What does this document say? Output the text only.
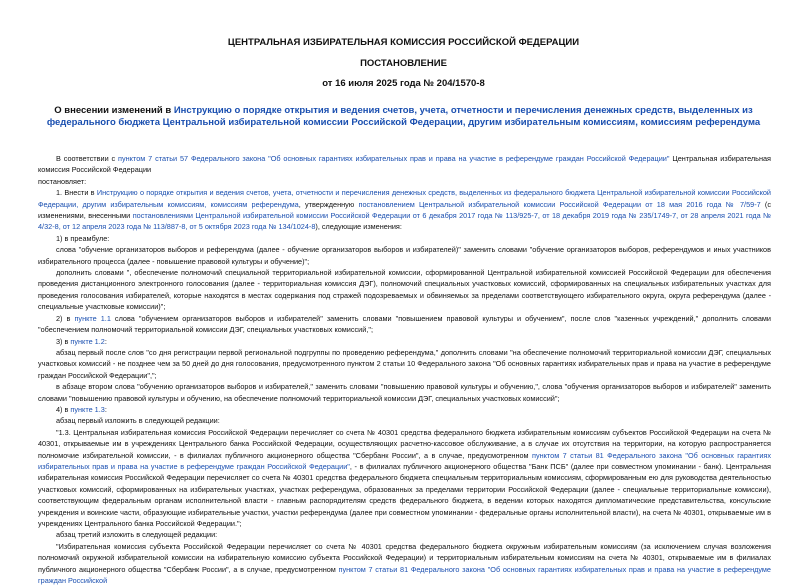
ЦЕНТРАЛЬНАЯ ИЗБИРАТЕЛЬНАЯ КОМИССИЯ РОССИЙСКОЙ ФЕДЕРАЦИИ
ПОСТАНОВЛЕНИЕ
от 16 июля 2025 года № 204/1570-8
О внесении изменений в Инструкцию о порядке открытия и ведения счетов, учета, отчетности и перечисления денежных средств, выделенных из федерального бюджета Центральной избирательной комиссии Российской Федерации, другим избирательным комиссиям, комиссиям референдума

В соответствии с пунктом 7 статьи 57 Федерального закона "Об основных гарантиях избирательных прав и права на участие в референдуме граждан Российской Федерации" Центральная избирательная комиссия Российской Федерации

постановляет:

1. Внести в Инструкцию о порядке открытия и ведения счетов, учета, отчетности и перечисления денежных средств, выделенных из федерального бюджета Центральной избирательной комиссии Российской Федерации, другим избирательным комиссиям, комиссиям референдума, утвержденную постановлением Центральной избирательной комиссии Российской Федерации от 18 мая 2016 года № 7/59-7 (с изменениями, внесенными постановлениями Центральной избирательной комиссии Российской Федерации от 6 декабря 2017 года № 113/925-7, от 18 декабря 2019 года № 235/1749-7, от 28 апреля 2021 года № 4/32-8, от 12 апреля 2023 года № 113/887-8, от 5 октября 2023 года № 134/1024-8), следующие изменения:

1) в преамбуле:

слова "обучение организаторов выборов и референдума (далее - обучение организаторов выборов и избирателей)" заменить словами "обучение организаторов выборов, референдумов и иных участников избирательного процесса (далее - повышение правовой культуры и обучение)";

дополнить словами ", обеспечение полномочий специальной территориальной избирательной комиссии, сформированной Центральной избирательной комиссией Российской Федерации для обеспечения проведения дистанционного электронного голосования (далее - территориальная комиссия ДЭГ), полномочий специальных участковых комиссий, сформированных на специальных избирательных участках для проведения голосования избирателей, которые находятся в местах содержания под стражей подозреваемых и обвиняемых за пределами соответствующего избирательного округа, округа референдума (далее - специальные участковые комиссии)";

2) в пункте 1.1 слова "обучением организаторов выборов и избирателей" заменить словами "повышением правовой культуры и обучением", после слов "казенных учреждений," дополнить словами "обеспечением полномочий территориальной комиссии ДЭГ, специальных участковых комиссий,";

3) в пункте 1.2:

абзац первый после слов "со дня регистрации первой региональной подгруппы по проведению референдума," дополнить словами "на обеспечение полномочий территориальной комиссии ДЭГ, специальных участковых комиссий - не позднее чем за 50 дней до дня голосования, предусмотренного пунктом 2 статьи 10 Федерального закона "Об основных гарантиях избирательных прав и права на участие в референдуме граждан Российской Федерации",";

в абзаце втором слова "обучению организаторов выборов и избирателей," заменить словами "повышению правовой культуры и обучению,", слова "обучения организаторов выборов и избирателей" заменить словами "повышению правовой культуры и обучению, на обеспечение полномочий территориальной комиссии ДЭГ, специальных участковых комиссий";

4) в пункте 1.3:

абзац первый изложить в следующей редакции:

"1.3. Центральная избирательная комиссия Российской Федерации перечисляет со счета № 40301 средства федерального бюджета избирательным комиссиям субъектов Российской Федерации на счета № 40301, открываемые им в учреждениях Центрального банка Российской Федерации, осуществляющих расчетно-кассовое обслуживание, а в случае их отсутствия на территории, на которую распространяется полномочие избирательной комиссии, - в филиалах публичного акционерного общества "Сбербанк России", а в случае, предусмотренном пунктом 7 статьи 81 Федерального закона "Об основных гарантиях избирательных прав и права на участие в референдуме граждан Российской Федерации", - в филиалах публичного акционерного общества "Банк ПСБ" (далее при совместном упоминании - банк). Центральная избирательная комиссия Российской Федерации перечисляет со счета № 40301 средства федерального бюджета специальным территориальным комиссиям, сформированным ею для руководства деятельностью участковых комиссий, сформированных на избирательных участках, участках референдума, образованных за пределами территории Российской Федерации (далее - специальные территориальные комиссии), соответствующим федеральным органам исполнительной власти - главным распорядителям средств федерального бюджета, в ведении которых находятся дипломатические представительства, консульские учреждения и воинские части, образующие избирательные участки, участки референдума (далее при совместном упоминании - федеральные органы исполнительной власти), на счета № 40301, открываемые им в учреждениях Центрального банка Российской Федерации.";

абзац третий изложить в следующей редакции:

"Избирательная комиссия субъекта Российской Федерации перечисляет со счета № 40301 средства федерального бюджета окружным избирательным комиссиям (за исключением случая возложения полномочий окружной избирательной комиссии на избирательную комиссию субъекта Российской Федерации) и территориальным избирательным комиссиям на счета № 40301, открываемые им в филиалах публичного акционерного общества "Сбербанк России", а в случае, предусмотренном пунктом 7 статьи 81 Федерального закона "Об основных гарантиях избирательных прав и права на участие в референдуме граждан Российской
